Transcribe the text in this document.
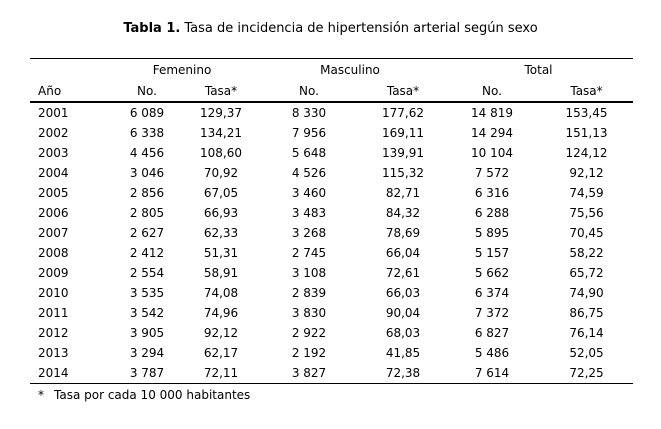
Tabla 1. Tasa de incidencia de hipertensión arterial según sexo
	Femenino		Masculino		Total	
Año	No.	Tasa*	No.	Tasa*	No.	Tasa*
2001	6 089	129,37	8 330	177,62	14 819	153,45
2002	6 338	134,21	7 956	169,11	14 294	151,13
2003	4 456	108,60	5 648	139,91	10 104	124,12
2004	3 046	70,92	4 526	115,32	7 572	92,12
2005	2 856	67,05	3 460	82,71	6 316	74,59
2006	2 805	66,93	3 483	84,32	6 288	75,56
2007	2 627	62,33	3 268	78,69	5 895	70,45
2008	2 412	51,31	2 745	66,04	5 157	58,22
2009	2 554	58,91	3 108	72,61	5 662	65,72
2010	3 535	74,08	2 839	66,03	6 374	74,90
2011	3 542	74,96	3 830	90,04	7 372	86,75
2012	3 905	92,12	2 922	68,03	6 827	76,14
2013	3 294	62,17	2 192	41,85	5 486	52,05
2014	3 787	72,11	3 827	72,38	7 614	72,25
* Tasa por cada 10 000 habitantes
